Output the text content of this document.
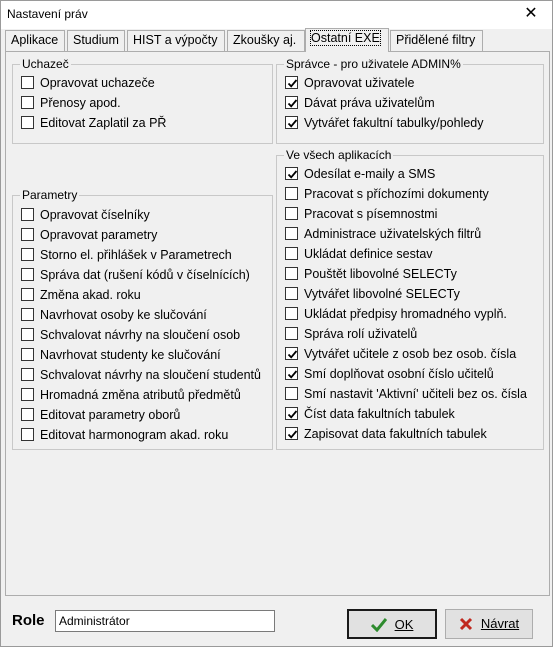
Nastavení práv	✕
Aplikace	Studium	HIST a výpočty	Zkoušky aj.	Ostatní EXE	Přidělené filtry
Uchazeč
Opravovat uchazeče
Přenosy apod.
Editovat Zaplatil za PŘ
Správce - pro uživatele ADMIN%
Opravovat uživatele
Dávat práva uživatelům
Vytvářet fakultní tabulky/pohledy
Parametry
Opravovat číselníky
Opravovat parametry
Storno el. přihlášek v Parametrech
Správa dat (rušení kódů v číselnících)
Změna akad. roku
Navrhovat osoby ke slučování
Schvalovat návrhy na sloučení osob
Navrhovat studenty ke slučování
Schvalovat návrhy na sloučení studentů
Hromadná změna atributů předmětů
Editovat parametry oborů
Editovat harmonogram akad. roku
Ve všech aplikacích
Odesílat e-maily a SMS
Pracovat s příchozími dokumenty
Pracovat s písemnostmi
Administrace uživatelských filtrů
Ukládat definice sestav
Pouštět libovolné SELECTy
Vytvářet libovolné SELECTy
Ukládat předpisy hromadného vyplň.
Správa rolí uživatelů
Vytvářet učitele z osob bez osob. čísla
Smí doplňovat osobní číslo učitelů
Smí nastavit 'Aktivní' učiteli bez os. čísla
Číst data fakultních tabulek
Zapisovat data fakultních tabulek
Role
Administrátor	OK	Návrat
